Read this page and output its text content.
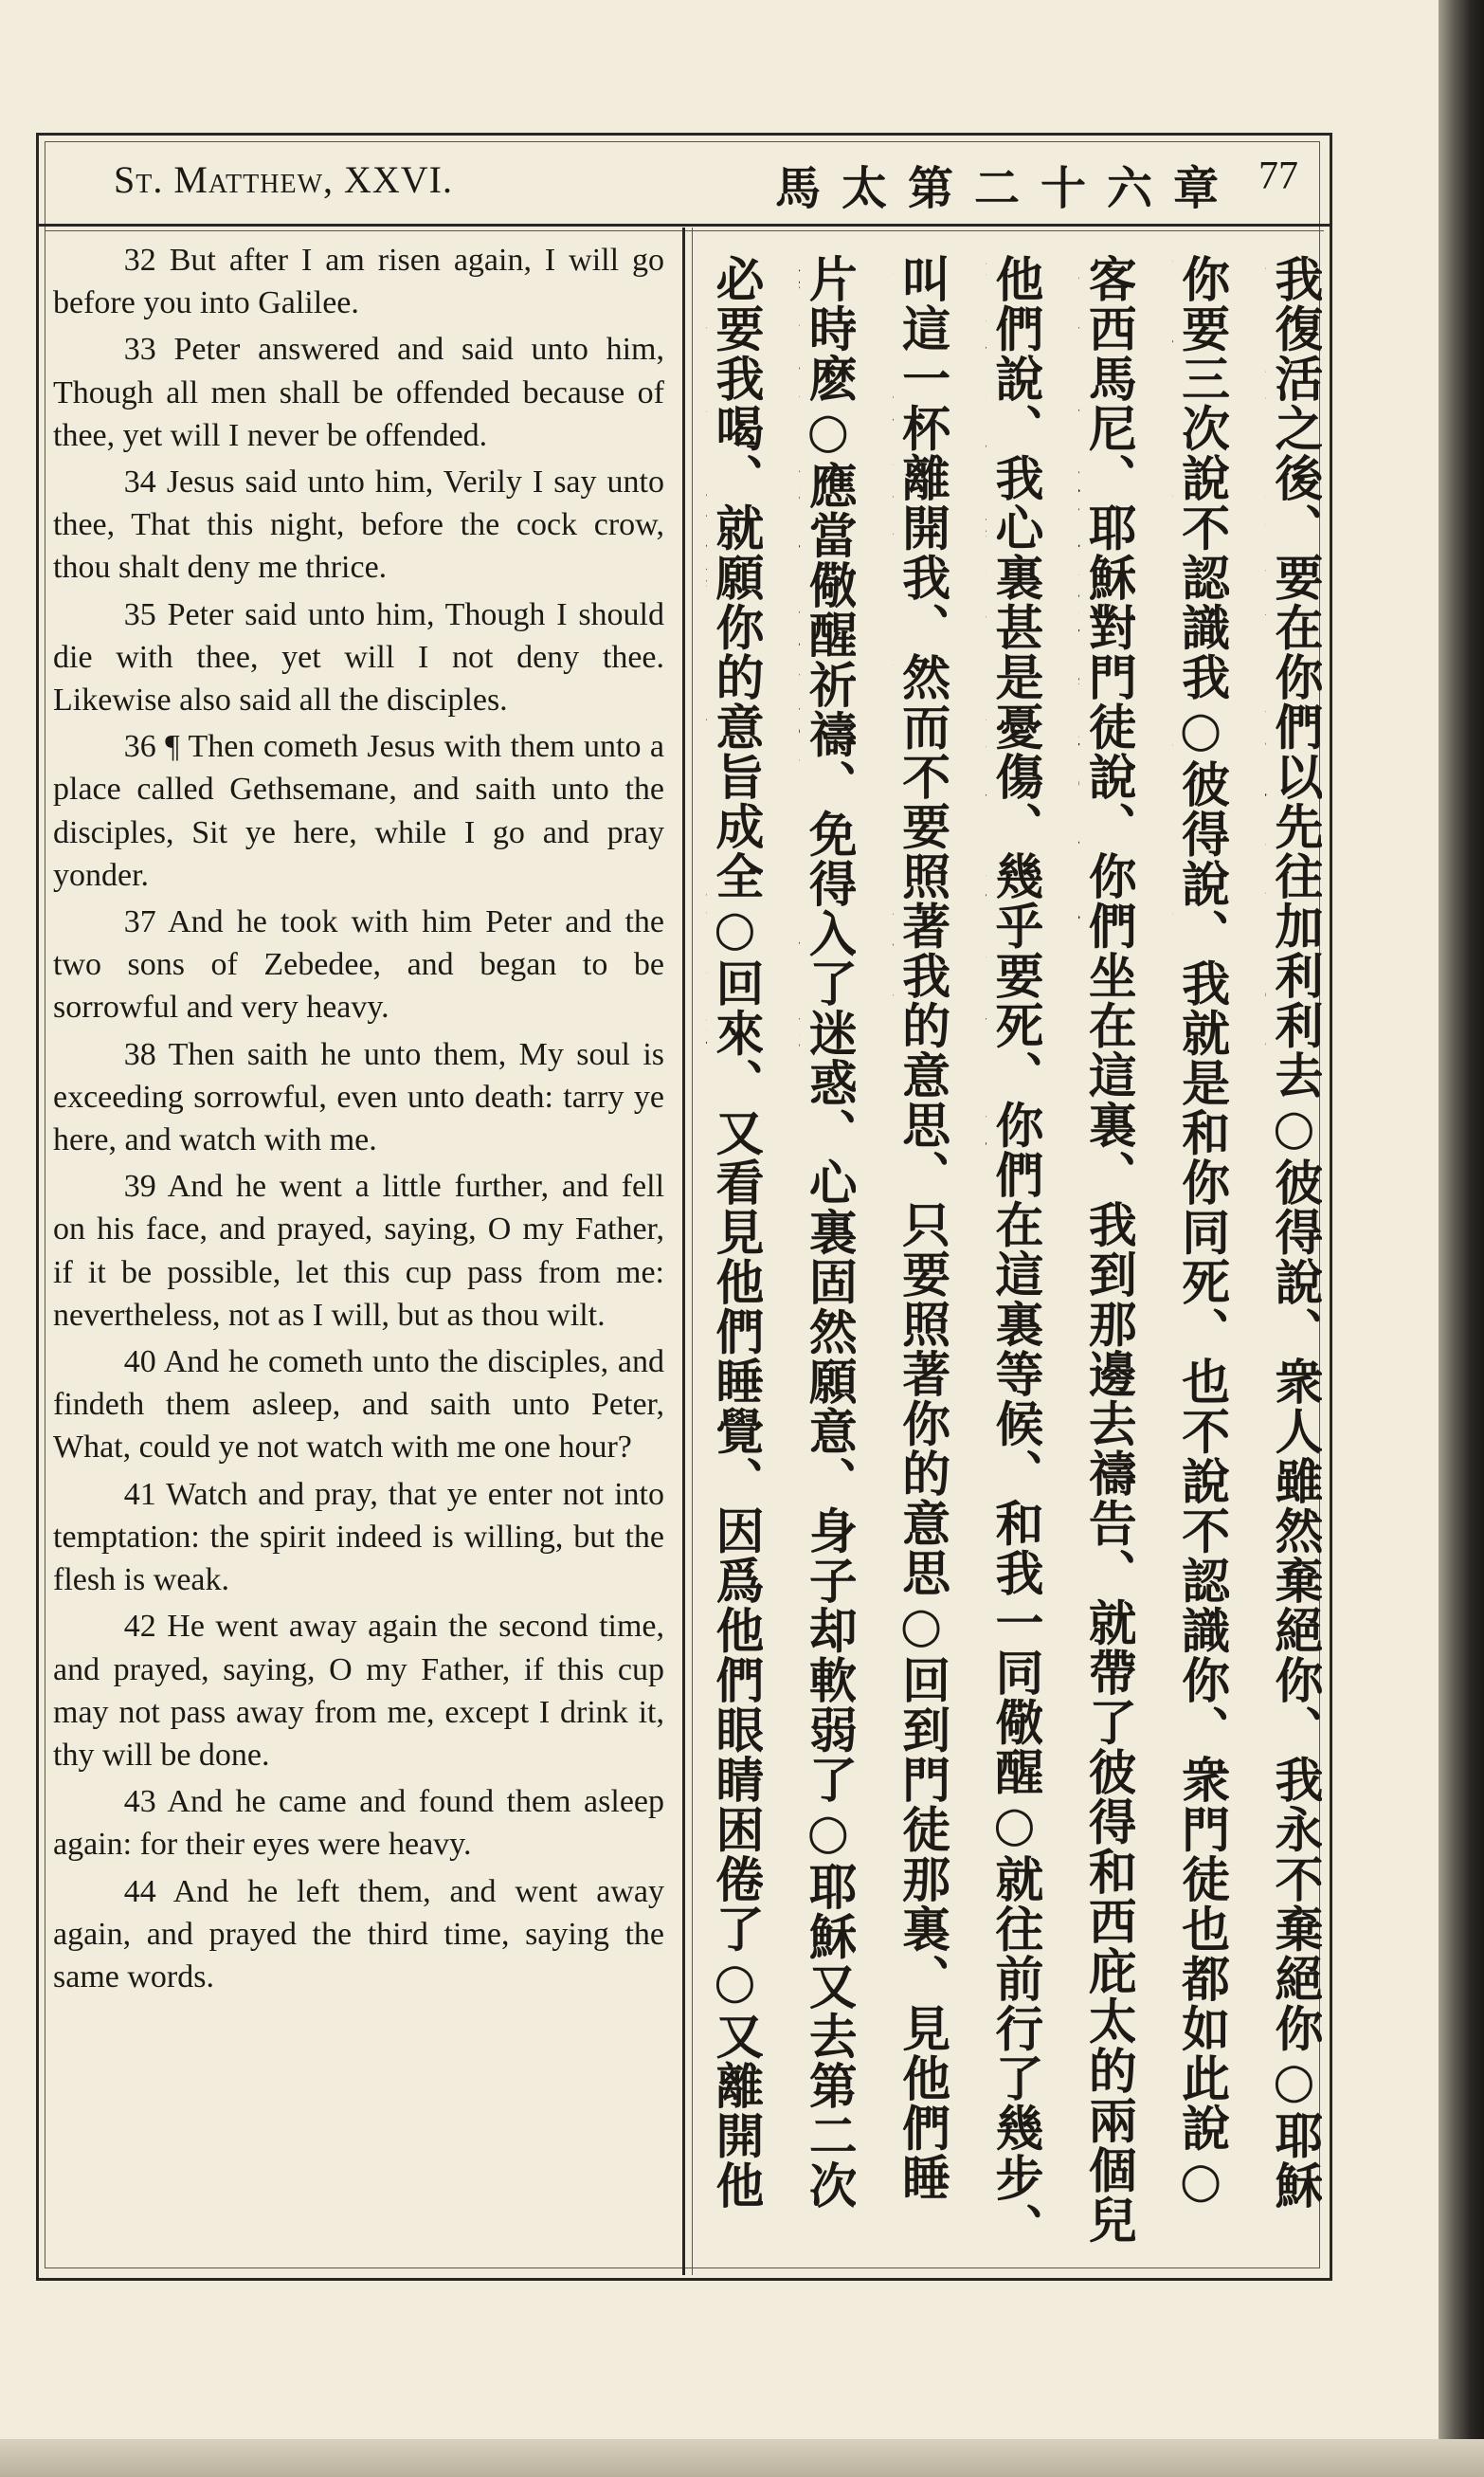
St. Matthew, XXVI.	馬太第二十六章 77

32 But after I am risen again, I will go before you into Galilee.

33 Peter answered and said unto him, Though all men shall be offended because of thee, yet will I never be offended.

34 Jesus said unto him, Verily I say unto thee, That this night, before the cock crow, thou shalt deny me thrice.

35 Peter said unto him, Though I should die with thee, yet will I not deny thee. Likewise also said all the disciples.

36 ¶ Then cometh Jesus with them unto a place called Gethsemane, and saith unto the disciples, Sit ye here, while I go and pray yonder.

37 And he took with him Peter and the two sons of Zebedee, and began to be sorrowful and very heavy.

38 Then saith he unto them, My soul is exceeding sorrowful, even unto death: tarry ye here, and watch with me.

39 And he went a little further, and fell on his face, and prayed, saying, O my Father, if it be possible, let this cup pass from me: nevertheless, not as I will, but as thou wilt.

40 And he cometh unto the disciples, and findeth them asleep, and saith unto Peter, What, could ye not watch with me one hour?

41 Watch and pray, that ye enter not into temptation: the spirit indeed is willing, but the flesh is weak.

42 He went away again the second time, and prayed, saying, O my Father, if this cup may not pass away from me, except I drink it, thy will be done.

43 And he came and found them asleep again: for their eyes were heavy.

44 And he left them, and went away again, and prayed the third time, saying the same words.

我復活之後、要在你們以先往加利利去○彼得說、衆人雖然棄絕你、我永不棄絕你○耶穌
你要三次說不認識我○彼得說、我就是和你同死、也不說不認識你、衆門徒也都如此說○
客西馬尼、耶穌對門徒說、你們坐在這裏、我到那邊去禱告、就帶了彼得和西庇太的兩個兒
他們說、我心裏甚是憂傷、幾乎要死、你們在這裏等候、和我一同儆醒○就往前行了幾步、
叫這一杯離開我、然而不要照著我的意思、只要照著你的意思○回到門徒那裏、見他們睡
片時麽○應當儆醒祈禱、免得入了迷惑、心裏固然願意、身子却軟弱了○耶穌又去第二次
必要我喝、就願你的意旨成全○回來、又看見他們睡覺、因爲他們眼睛困倦了○又離開他
